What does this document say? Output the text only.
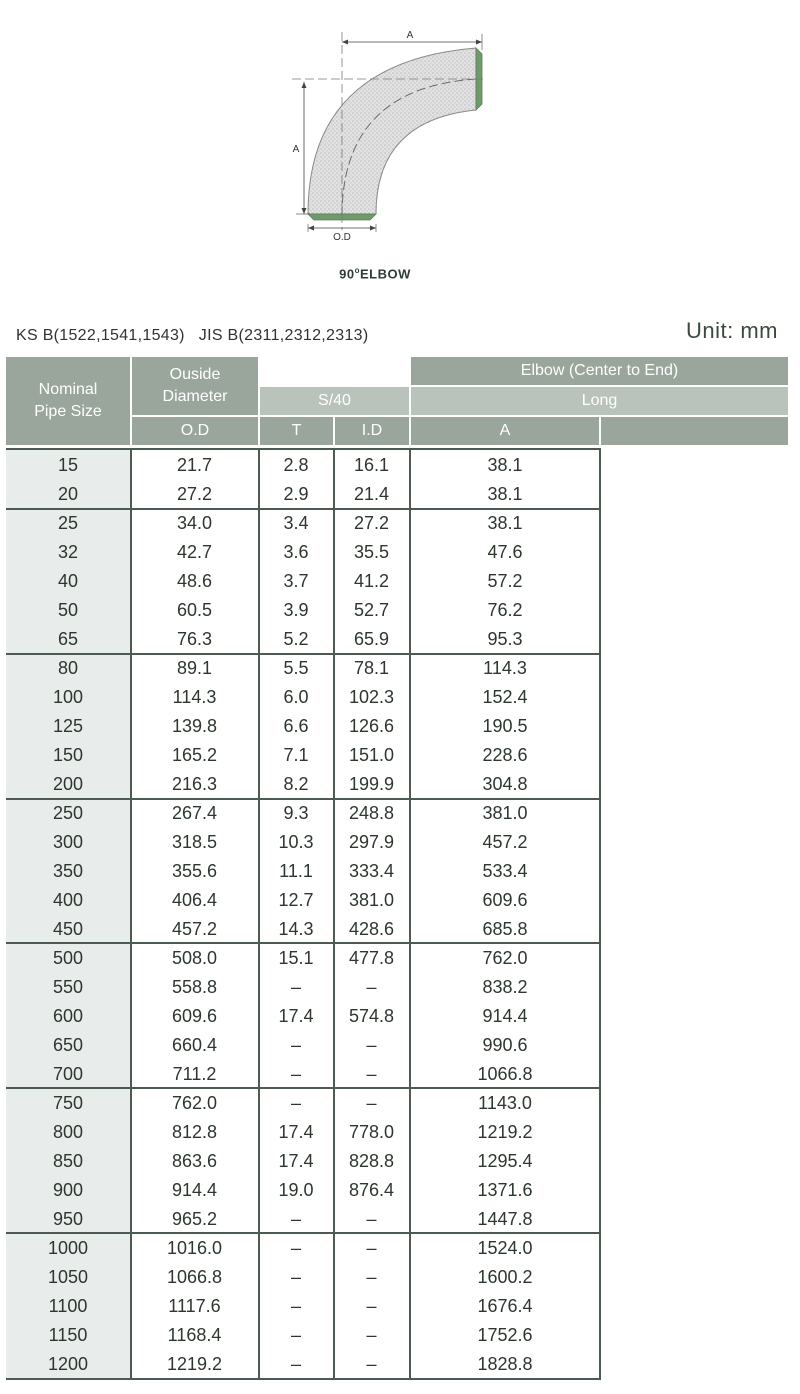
A
A
O.D
90$^o$ELBOW
KS B(1522,1541,1543) JIS B(2311,2312,2313)	Unit: mm
Nominal Pipe Size
Ouside Diameter
O.D
S/40
T	I.D
Elbow (Center to End)
Long
A
15	21.7	2.8	16.1	38.1
20	27.2	2.9	21.4	38.1
25	34.0	3.4	27.2	38.1
32	42.7	3.6	35.5	47.6
40	48.6	3.7	41.2	57.2
50	60.5	3.9	52.7	76.2
65	76.3	5.2	65.9	95.3
80	89.1	5.5	78.1	114.3
100	114.3	6.0	102.3	152.4
125	139.8	6.6	126.6	190.5
150	165.2	7.1	151.0	228.6
200	216.3	8.2	199.9	304.8
250	267.4	9.3	248.8	381.0
300	318.5	10.3	297.9	457.2
350	355.6	11.1	333.4	533.4
400	406.4	12.7	381.0	609.6
450	457.2	14.3	428.6	685.8
500	508.0	15.1	477.8	762.0
550	558.8	–	–	838.2
600	609.6	17.4	574.8	914.4
650	660.4	–	–	990.6
700	711.2	–	–	1066.8
750	762.0	–	–	1143.0
800	812.8	17.4	778.0	1219.2
850	863.6	17.4	828.8	1295.4
900	914.4	19.0	876.4	1371.6
950	965.2	–	–	1447.8
1000	1016.0	–	–	1524.0
1050	1066.8	–	–	1600.2
1100	1117.6	–	–	1676.4
1150	1168.4	–	–	1752.6
1200	1219.2	–	–	1828.8
